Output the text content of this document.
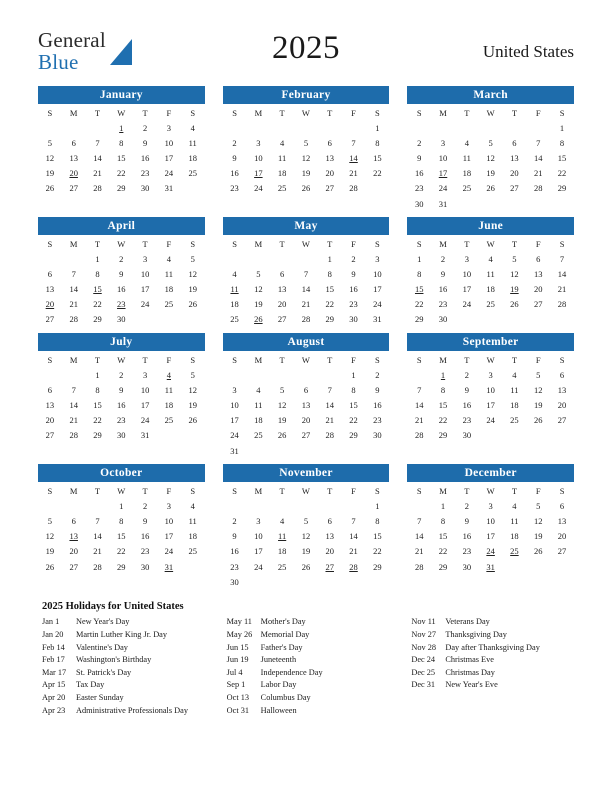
General
Blue	2025	United States
January
S	M	T	W	T	F	S
			1	2	3	4
5	6	7	8	9	10	11
12	13	14	15	16	17	18
19	20	21	22	23	24	25
26	27	28	29	30	31	
February
S	M	T	W	T	F	S
						1
2	3	4	5	6	7	8
9	10	11	12	13	14	15
16	17	18	19	20	21	22
23	24	25	26	27	28	
March
S	M	T	W	T	F	S
						1
2	3	4	5	6	7	8
9	10	11	12	13	14	15
16	17	18	19	20	21	22
23	24	25	26	27	28	29
30	31					
April
S	M	T	W	T	F	S
		1	2	3	4	5
6	7	8	9	10	11	12
13	14	15	16	17	18	19
20	21	22	23	24	25	26
27	28	29	30			
May
S	M	T	W	T	F	S
				1	2	3
4	5	6	7	8	9	10
11	12	13	14	15	16	17
18	19	20	21	22	23	24
25	26	27	28	29	30	31
June
S	M	T	W	T	F	S
1	2	3	4	5	6	7
8	9	10	11	12	13	14
15	16	17	18	19	20	21
22	23	24	25	26	27	28
29	30					
July
S	M	T	W	T	F	S
		1	2	3	4	5
6	7	8	9	10	11	12
13	14	15	16	17	18	19
20	21	22	23	24	25	26
27	28	29	30	31		
August
S	M	T	W	T	F	S
					1	2
3	4	5	6	7	8	9
10	11	12	13	14	15	16
17	18	19	20	21	22	23
24	25	26	27	28	29	30
31						
September
S	M	T	W	T	F	S
	1	2	3	4	5	6
7	8	9	10	11	12	13
14	15	16	17	18	19	20
21	22	23	24	25	26	27
28	29	30				
October
S	M	T	W	T	F	S
			1	2	3	4
5	6	7	8	9	10	11
12	13	14	15	16	17	18
19	20	21	22	23	24	25
26	27	28	29	30	31	
November
S	M	T	W	T	F	S
						1
2	3	4	5	6	7	8
9	10	11	12	13	14	15
16	17	18	19	20	21	22
23	24	25	26	27	28	29
30						
December
S	M	T	W	T	F	S
	1	2	3	4	5	6
7	8	9	10	11	12	13
14	15	16	17	18	19	20
21	22	23	24	25	26	27
28	29	30	31			
2025 Holidays for United States
Jan 1	New Year's Day
Jan 20	Martin Luther King Jr. Day
Feb 14	Valentine's Day
Feb 17	Washington's Birthday
Mar 17	St. Patrick's Day
Apr 15	Tax Day
Apr 20	Easter Sunday
Apr 23	Administrative Professionals Day
May 11	Mother's Day
May 26	Memorial Day
Jun 15	Father's Day
Jun 19	Juneteenth
Jul 4	Independence Day
Sep 1	Labor Day
Oct 13	Columbus Day
Oct 31	Halloween
Nov 11	Veterans Day
Nov 27	Thanksgiving Day
Nov 28	Day after Thanksgiving Day
Dec 24	Christmas Eve
Dec 25	Christmas Day
Dec 31	New Year's Eve
